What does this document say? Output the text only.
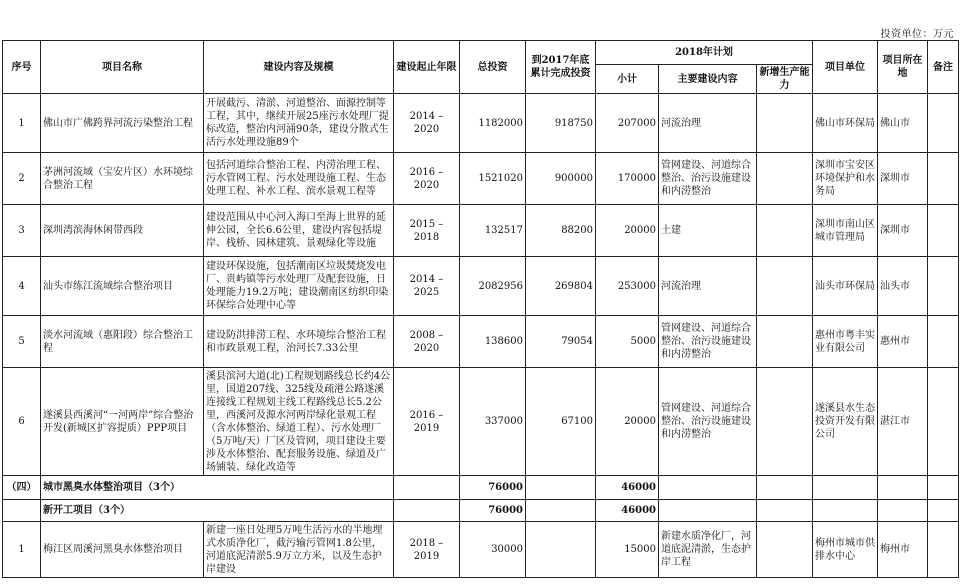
投资单位：万元
序号	项目名称	建设内容及规模	建设起止年限	总投资	到2017年底累计完成投资	2018年计划			项目单位	项目所在地	备注
						小计	主要建设内容	新增生产能力			
1	佛山市广佛跨界河流污染整治工程	开展截污、清淤、河道整治、面源控制等工程，其中，继续开展25座污水处理厂提标改造，整治内河涌90条，建设分散式生活污水处理设施89个	2014 – 2020	1182000	918750	207000	河流治理		佛山市环保局	佛山市	
2	茅洲河流域（宝安片区）水环境综合整治工程	包括河道综合整治工程、内涝治理工程、污水管网工程、污水处理设施工程、生态处理工程、补水工程、滨水景观工程等	2016 – 2020	1521020	900000	170000	管网建设、河道综合整治、治污设施建设和内涝整治		深圳市宝安区环境保护和水务局	深圳市	
3	深圳湾滨海休闲带西段	建设范围从中心河入海口至海上世界的延伸公园，全长6.6公里，建设内容包括堤岸、栈桥、园林建筑、景观绿化等设施	2015 – 2018	132517	88200	20000	土建		深圳市南山区城市管理局	深圳市	
4	汕头市练江流域综合整治项目	建设环保设施，包括潮南区垃圾焚烧发电厂、贵屿镇等污水处理厂及配套设施，日处理能力19.2万吨；建设潮南区纺织印染环保综合处理中心等	2014 – 2025	2082956	269804	253000	河流治理		汕头市环保局	汕头市	
5	淡水河流域（惠阳段）综合整治工程	建设防洪排涝工程、水环境综合整治工程和市政景观工程，治河长7.33公里	2008 – 2020	138600	79054	5000	管网建设、河道综合整治、治污设施建设和内涝整治		惠州市粤丰实业有限公司	惠州市	
6	遂溪县西溪河“一河两岸”综合整治开发(新城区扩容提质）PPP项目	溪县滨河大道(北)工程规划路线总长约4公里，国道207线、325线及疏港公路遂溪连接线工程规划主线工程路线总长5.2公里，西溪河及源水河两岸绿化景观工程（含水体整治、绿道工程）、污水处理厂（5万吨/天）厂区及管网，项目建设主要涉及水体整治、配套服务设施、绿道及广场铺装、绿化改造等	2016 – 2019	337000	67100	20000	管网建设、河道综合整治、治污设施建设和内涝整治		遂溪县水生态投资开发有限公司	湛江市	
（四）	城市黑臭水体整治项目（3个）			76000		46000					
	新开工项目（3个）			76000		46000					
1	梅江区周溪河黑臭水体整治项目	新建一座日处理5万吨生活污水的半地埋式水质净化厂，截污输污管网1.8公里，河道底泥清淤5.9万立方米，以及生态护岸建设	2018 – 2019	30000		15000	新建水质净化厂，河道底泥清淤，生态护岸工程		梅州市城市供排水中心	梅州市	
